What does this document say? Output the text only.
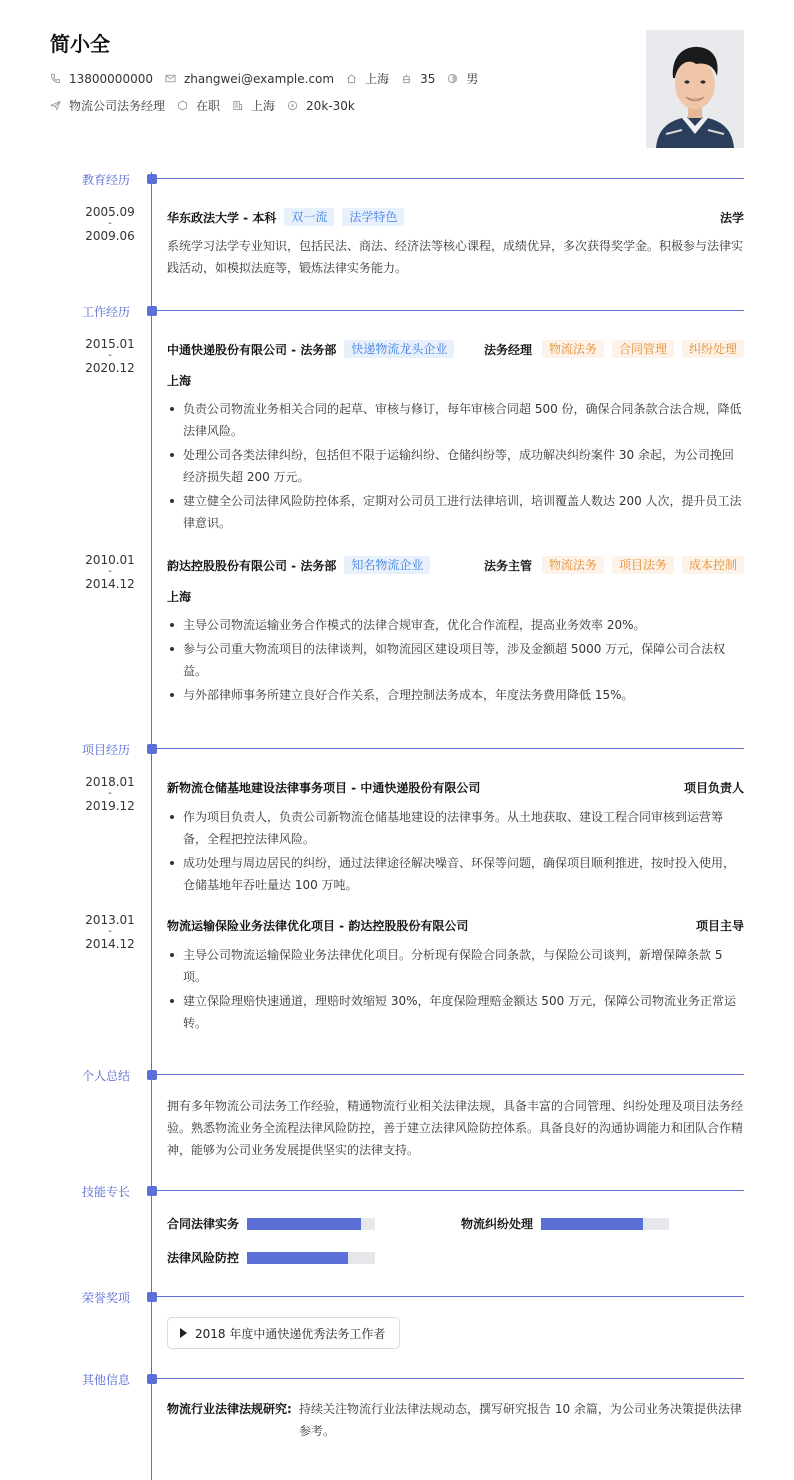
简小全
13800000000	zhangwei@example.com	上海	35	男
物流公司法务经理	在职	上海	20k-30k
教育经历
2005.09
-
2009.06
华东政法大学 - 本科	双一流	法学特色	法学
系统学习法学专业知识，包括民法、商法、经济法等核心课程，成绩优异，多次获得奖学金。积极参与法律实践活动，如模拟法庭等，锻炼法律实务能力。
工作经历
2015.01
-
2020.12
中通快递股份有限公司 - 法务部	快递物流龙头企业	法务经理	物流法务	合同管理	纠纷处理
上海
负责公司物流业务相关合同的起草、审核与修订，每年审核合同超 500 份，确保合同条款合法合规，降低法律风险。
处理公司各类法律纠纷，包括但不限于运输纠纷、仓储纠纷等，成功解决纠纷案件 30 余起，为公司挽回经济损失超 200 万元。
建立健全公司法律风险防控体系，定期对公司员工进行法律培训，培训覆盖人数达 200 人次，提升员工法律意识。
2010.01
-
2014.12
韵达控股股份有限公司 - 法务部	知名物流企业	法务主管	物流法务	项目法务	成本控制
上海
主导公司物流运输业务合作模式的法律合规审查，优化合作流程，提高业务效率 20%。
参与公司重大物流项目的法律谈判，如物流园区建设项目等，涉及金额超 5000 万元，保障公司合法权益。
与外部律师事务所建立良好合作关系，合理控制法务成本，年度法务费用降低 15%。
项目经历
2018.01
-
2019.12
新物流仓储基地建设法律事务项目 - 中通快递股份有限公司	项目负责人
作为项目负责人，负责公司新物流仓储基地建设的法律事务。从土地获取、建设工程合同审核到运营筹备，全程把控法律风险。
成功处理与周边居民的纠纷，通过法律途径解决噪音、环保等问题，确保项目顺利推进，按时投入使用，仓储基地年吞吐量达 100 万吨。
2013.01
-
2014.12
物流运输保险业务法律优化项目 - 韵达控股股份有限公司	项目主导
主导公司物流运输保险业务法律优化项目。分析现有保险合同条款，与保险公司谈判，新增保障条款 5 项。
建立保险理赔快速通道，理赔时效缩短 30%，年度保险理赔金额达 500 万元，保障公司物流业务正常运转。
个人总结
拥有多年物流公司法务工作经验，精通物流行业相关法律法规，具备丰富的合同管理、纠纷处理及项目法务经验。熟悉物流业务全流程法律风险防控，善于建立法律风险防控体系。具备良好的沟通协调能力和团队合作精神，能够为公司业务发展提供坚实的法律支持。
技能专长
合同法律实务	物流纠纷处理
法律风险防控
荣誉奖项
2018 年度中通快递优秀法务工作者
其他信息
物流行业法律法规研究: 持续关注物流行业法律法规动态，撰写研究报告 10 余篇，为公司业务决策提供法律参考。
